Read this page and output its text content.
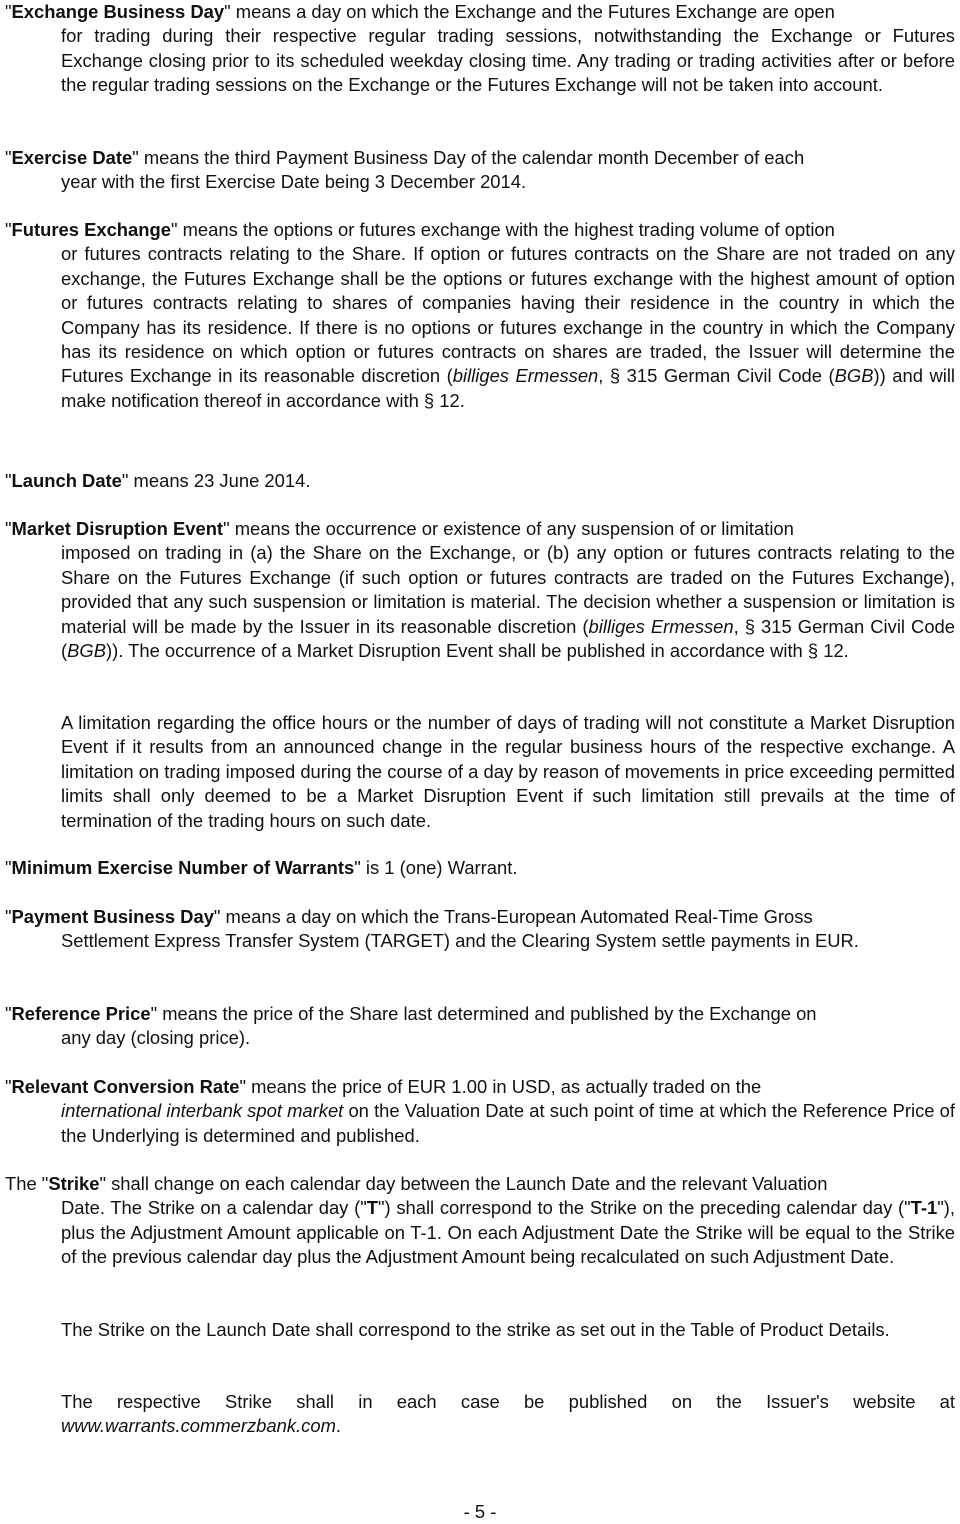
"Exchange Business Day" means a day on which the Exchange and the Futures Exchange are open
for trading during their respective regular trading sessions, notwithstanding the Exchange or Futures Exchange closing prior to its scheduled weekday closing time. Any trading or trading activities after or before the regular trading sessions on the Exchange or the Futures Exchange will not be taken into account.

"Exercise Date" means the third Payment Business Day of the calendar month December of each
year with the first Exercise Date being 3 December 2014.

"Futures Exchange" means the options or futures exchange with the highest trading volume of option
or futures contracts relating to the Share. If option or futures contracts on the Share are not traded on any exchange, the Futures Exchange shall be the options or futures exchange with the highest amount of option or futures contracts relating to shares of companies having their residence in the country in which the Company has its residence. If there is no options or futures exchange in the country in which the Company has its residence on which option or futures contracts on shares are traded, the Issuer will determine the Futures Exchange in its reasonable discretion (billiges Ermessen, § 315 German Civil Code (BGB)) and will make notification thereof in accordance with § 12.

"Launch Date" means 23 June 2014.

"Market Disruption Event" means the occurrence or existence of any suspension of or limitation
imposed on trading in (a) the Share on the Exchange, or (b) any option or futures contracts relating to the Share on the Futures Exchange (if such option or futures contracts are traded on the Futures Exchange), provided that any such suspension or limitation is material. The decision whether a suspension or limitation is material will be made by the Issuer in its reasonable discretion (billiges Ermessen, § 315 German Civil Code (BGB)). The occurrence of a Market Disruption Event shall be published in accordance with § 12.

A limitation regarding the office hours or the number of days of trading will not constitute a Market Disruption Event if it results from an announced change in the regular business hours of the respective exchange. A limitation on trading imposed during the course of a day by reason of movements in price exceeding permitted limits shall only deemed to be a Market Disruption Event if such limitation still prevails at the time of termination of the trading hours on such date.

"Minimum Exercise Number of Warrants" is 1 (one) Warrant.

"Payment Business Day" means a day on which the Trans-European Automated Real-Time Gross
Settlement Express Transfer System (TARGET) and the Clearing System settle payments in EUR.

"Reference Price" means the price of the Share last determined and published by the Exchange on
any day (closing price).

"Relevant Conversion Rate" means the price of EUR 1.00 in USD, as actually traded on the
international interbank spot market on the Valuation Date at such point of time at which the Reference Price of the Underlying is determined and published.

The "Strike" shall change on each calendar day between the Launch Date and the relevant Valuation
Date. The Strike on a calendar day ("T") shall correspond to the Strike on the preceding calendar day ("T-1"), plus the Adjustment Amount applicable on T-1. On each Adjustment Date the Strike will be equal to the Strike of the previous calendar day plus the Adjustment Amount being recalculated on such Adjustment Date.

The Strike on the Launch Date shall correspond to the strike as set out in the Table of Product Details.

The respective Strike shall in each case be published on the Issuer's website at www.warrants.commerzbank.com.

- 5 -
